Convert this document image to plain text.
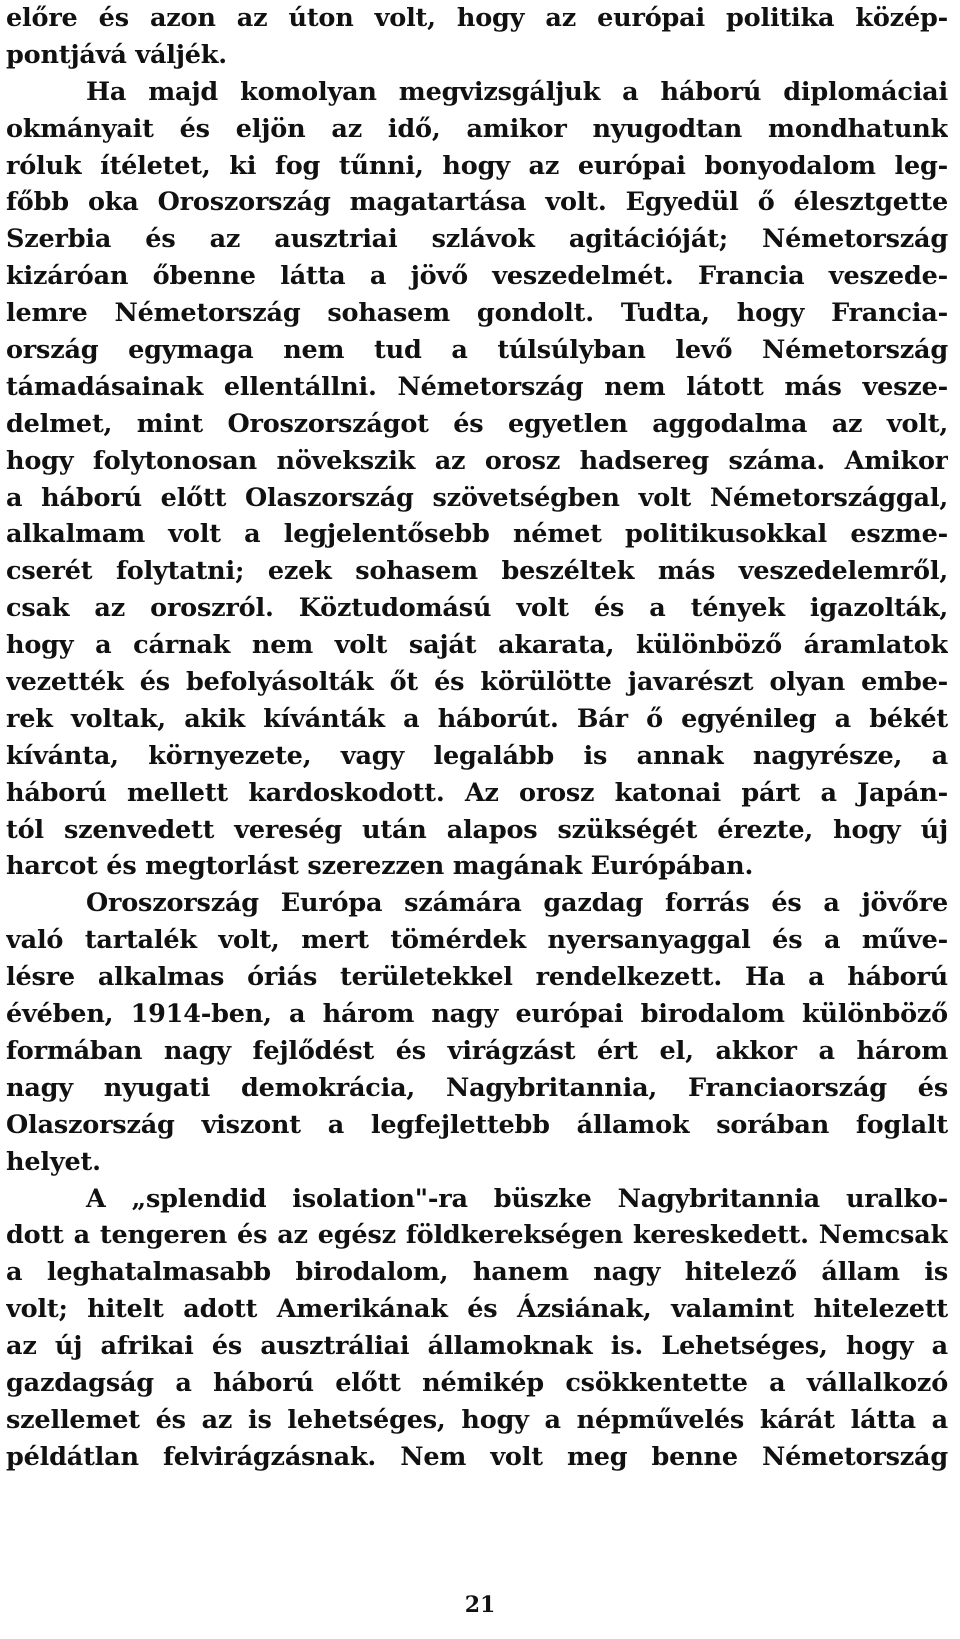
előre és azon az úton volt, hogy az európai politika közép-
pontjává váljék.
Ha majd komolyan megvizsgáljuk a háború diplomáciai
okmányait és eljön az idő, amikor nyugodtan mondhatunk
róluk ítéletet, ki fog tűnni, hogy az európai bonyodalom leg-
főbb oka Oroszország magatartása volt. Egyedül ő élesztgette
Szerbia és az ausztriai szlávok agitációját; Németország
kizáróan őbenne látta a jövő veszedelmét. Francia veszede-
lemre Németország sohasem gondolt. Tudta, hogy Francia-
ország egymaga nem tud a túlsúlyban levő Németország
támadásainak ellentállni. Németország nem látott más vesze-
delmet, mint Oroszországot és egyetlen aggodalma az volt,
hogy folytonosan növekszik az orosz hadsereg száma. Amikor
a háború előtt Olaszország szövetségben volt Németországgal,
alkalmam volt a legjelentősebb német politikusokkal eszme-
cserét folytatni; ezek sohasem beszéltek más veszedelemről,
csak az oroszról. Köztudomású volt és a tények igazolták,
hogy a cárnak nem volt saját akarata, különböző áramlatok
vezették és befolyásolták őt és körülötte javarészt olyan embe-
rek voltak, akik kívánták a háborút. Bár ő egyénileg a békét
kívánta, környezete, vagy legalább is annak nagyrésze, a
háború mellett kardoskodott. Az orosz katonai párt a Japán-
tól szenvedett vereség után alapos szükségét érezte, hogy új
harcot és megtorlást szerezzen magának Európában.
Oroszország Európa számára gazdag forrás és a jövőre
való tartalék volt, mert tömérdek nyersanyaggal és a műve-
lésre alkalmas óriás területekkel rendelkezett. Ha a háború
évében, 1914-ben, a három nagy európai birodalom különböző
formában nagy fejlődést és virágzást ért el, akkor a három
nagy nyugati demokrácia, Nagybritannia, Franciaország és
Olaszország viszont a legfejlettebb államok sorában foglalt
helyet.
A „splendid isolation"-ra büszke Nagybritannia uralko-
dott a tengeren és az egész földkerekségen kereskedett. Nemcsak
a leghatalmasabb birodalom, hanem nagy hitelező állam is
volt; hitelt adott Amerikának és Ázsiának, valamint hitelezett
az új afrikai és ausztráliai államoknak is. Lehetséges, hogy a
gazdagság a háború előtt némikép csökkentette a vállalkozó
szellemet és az is lehetséges, hogy a népművelés kárát látta a
példátlan felvirágzásnak. Nem volt meg benne Németország
21
